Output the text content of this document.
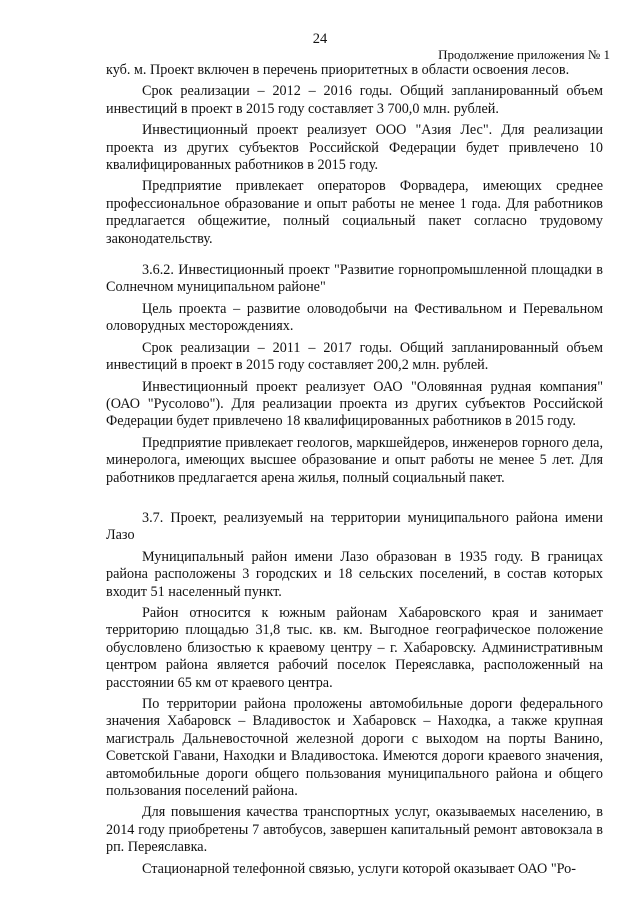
24
Продолжение приложения № 1

куб. м. Проект включен в перечень приоритетных в области освоения лесов.

Срок реализации – 2012 – 2016 годы. Общий запланированный объем инвестиций в проект в 2015 году составляет 3 700,0 млн. рублей.

Инвестиционный проект реализует ООО "Азия Лес". Для реализации проекта из других субъектов Российской Федерации будет привлечено 10 квалифицированных работников в 2015 году.

Предприятие привлекает операторов Форвадера, имеющих среднее профессиональное образование и опыт работы не менее 1 года. Для работников предлагается общежитие, полный социальный пакет согласно трудовому законодательству.

3.6.2. Инвестиционный проект "Развитие горнопромышленной площадки в Солнечном муниципальном районе"

Цель проекта – развитие оловодобычи на Фестивальном и Перевальном оловорудных месторождениях.

Срок реализации – 2011 – 2017 годы. Общий запланированный объем инвестиций в проект в 2015 году составляет 200,2 млн. рублей.

Инвестиционный проект реализует ОАО "Оловянная рудная компания" (ОАО "Русолово"). Для реализации проекта из других субъектов Российской Федерации будет привлечено 18 квалифицированных работников в 2015 году.

Предприятие привлекает геологов, маркшейдеров, инженеров горного дела, минеролога, имеющих высшее образование и опыт работы не менее 5 лет. Для работников предлагается арена жилья, полный социальный пакет.

3.7. Проект, реализуемый на территории муниципального района имени Лазо

Муниципальный район имени Лазо образован в 1935 году. В границах района расположены 3 городских и 18 сельских поселений, в состав которых входит 51 населенный пункт.

Район относится к южным районам Хабаровского края и занимает территорию площадью 31,8 тыс. кв. км. Выгодное географическое положение обусловлено близостью к краевому центру – г. Хабаровску. Административным центром района является рабочий поселок Переяславка, расположенный на расстоянии 65 км от краевого центра.

По территории района проложены автомобильные дороги федерального значения Хабаровск – Владивосток и Хабаровск – Находка, а также крупная магистраль Дальневосточной железной дороги с выходом на порты Ванино, Советской Гавани, Находки и Владивостока. Имеются дороги краевого значения, автомобильные дороги общего пользования муниципального района и общего пользования поселений района.

Для повышения качества транспортных услуг, оказываемых населению, в 2014 году приобретены 7 автобусов, завершен капитальный ремонт автовокзала в рп. Переяславка.

Стационарной телефонной связью, услуги которой оказывает ОАО "Ро-
